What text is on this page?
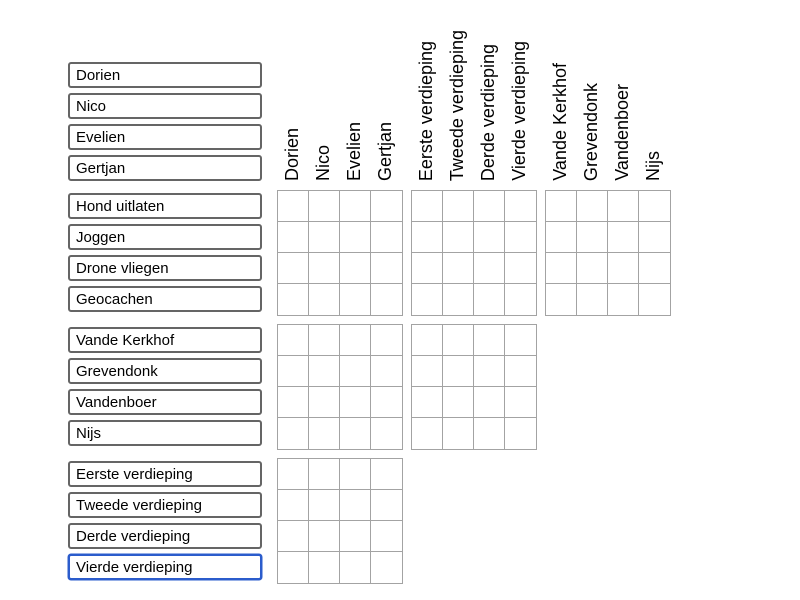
Dorien
Nico
Evelien
Gertjan
Dorien Nico Evelien Gertjan Eerste verdieping Tweede verdieping Derde verdieping Vierde verdieping Vande Kerkhof Grevendonk Vandenboer Nijs
Hond uitlaten
Joggen
Drone vliegen
Geocachen
Vande Kerkhof
Grevendonk
Vandenboer
Nijs
Eerste verdieping
Tweede verdieping
Derde verdieping
Vierde verdieping
